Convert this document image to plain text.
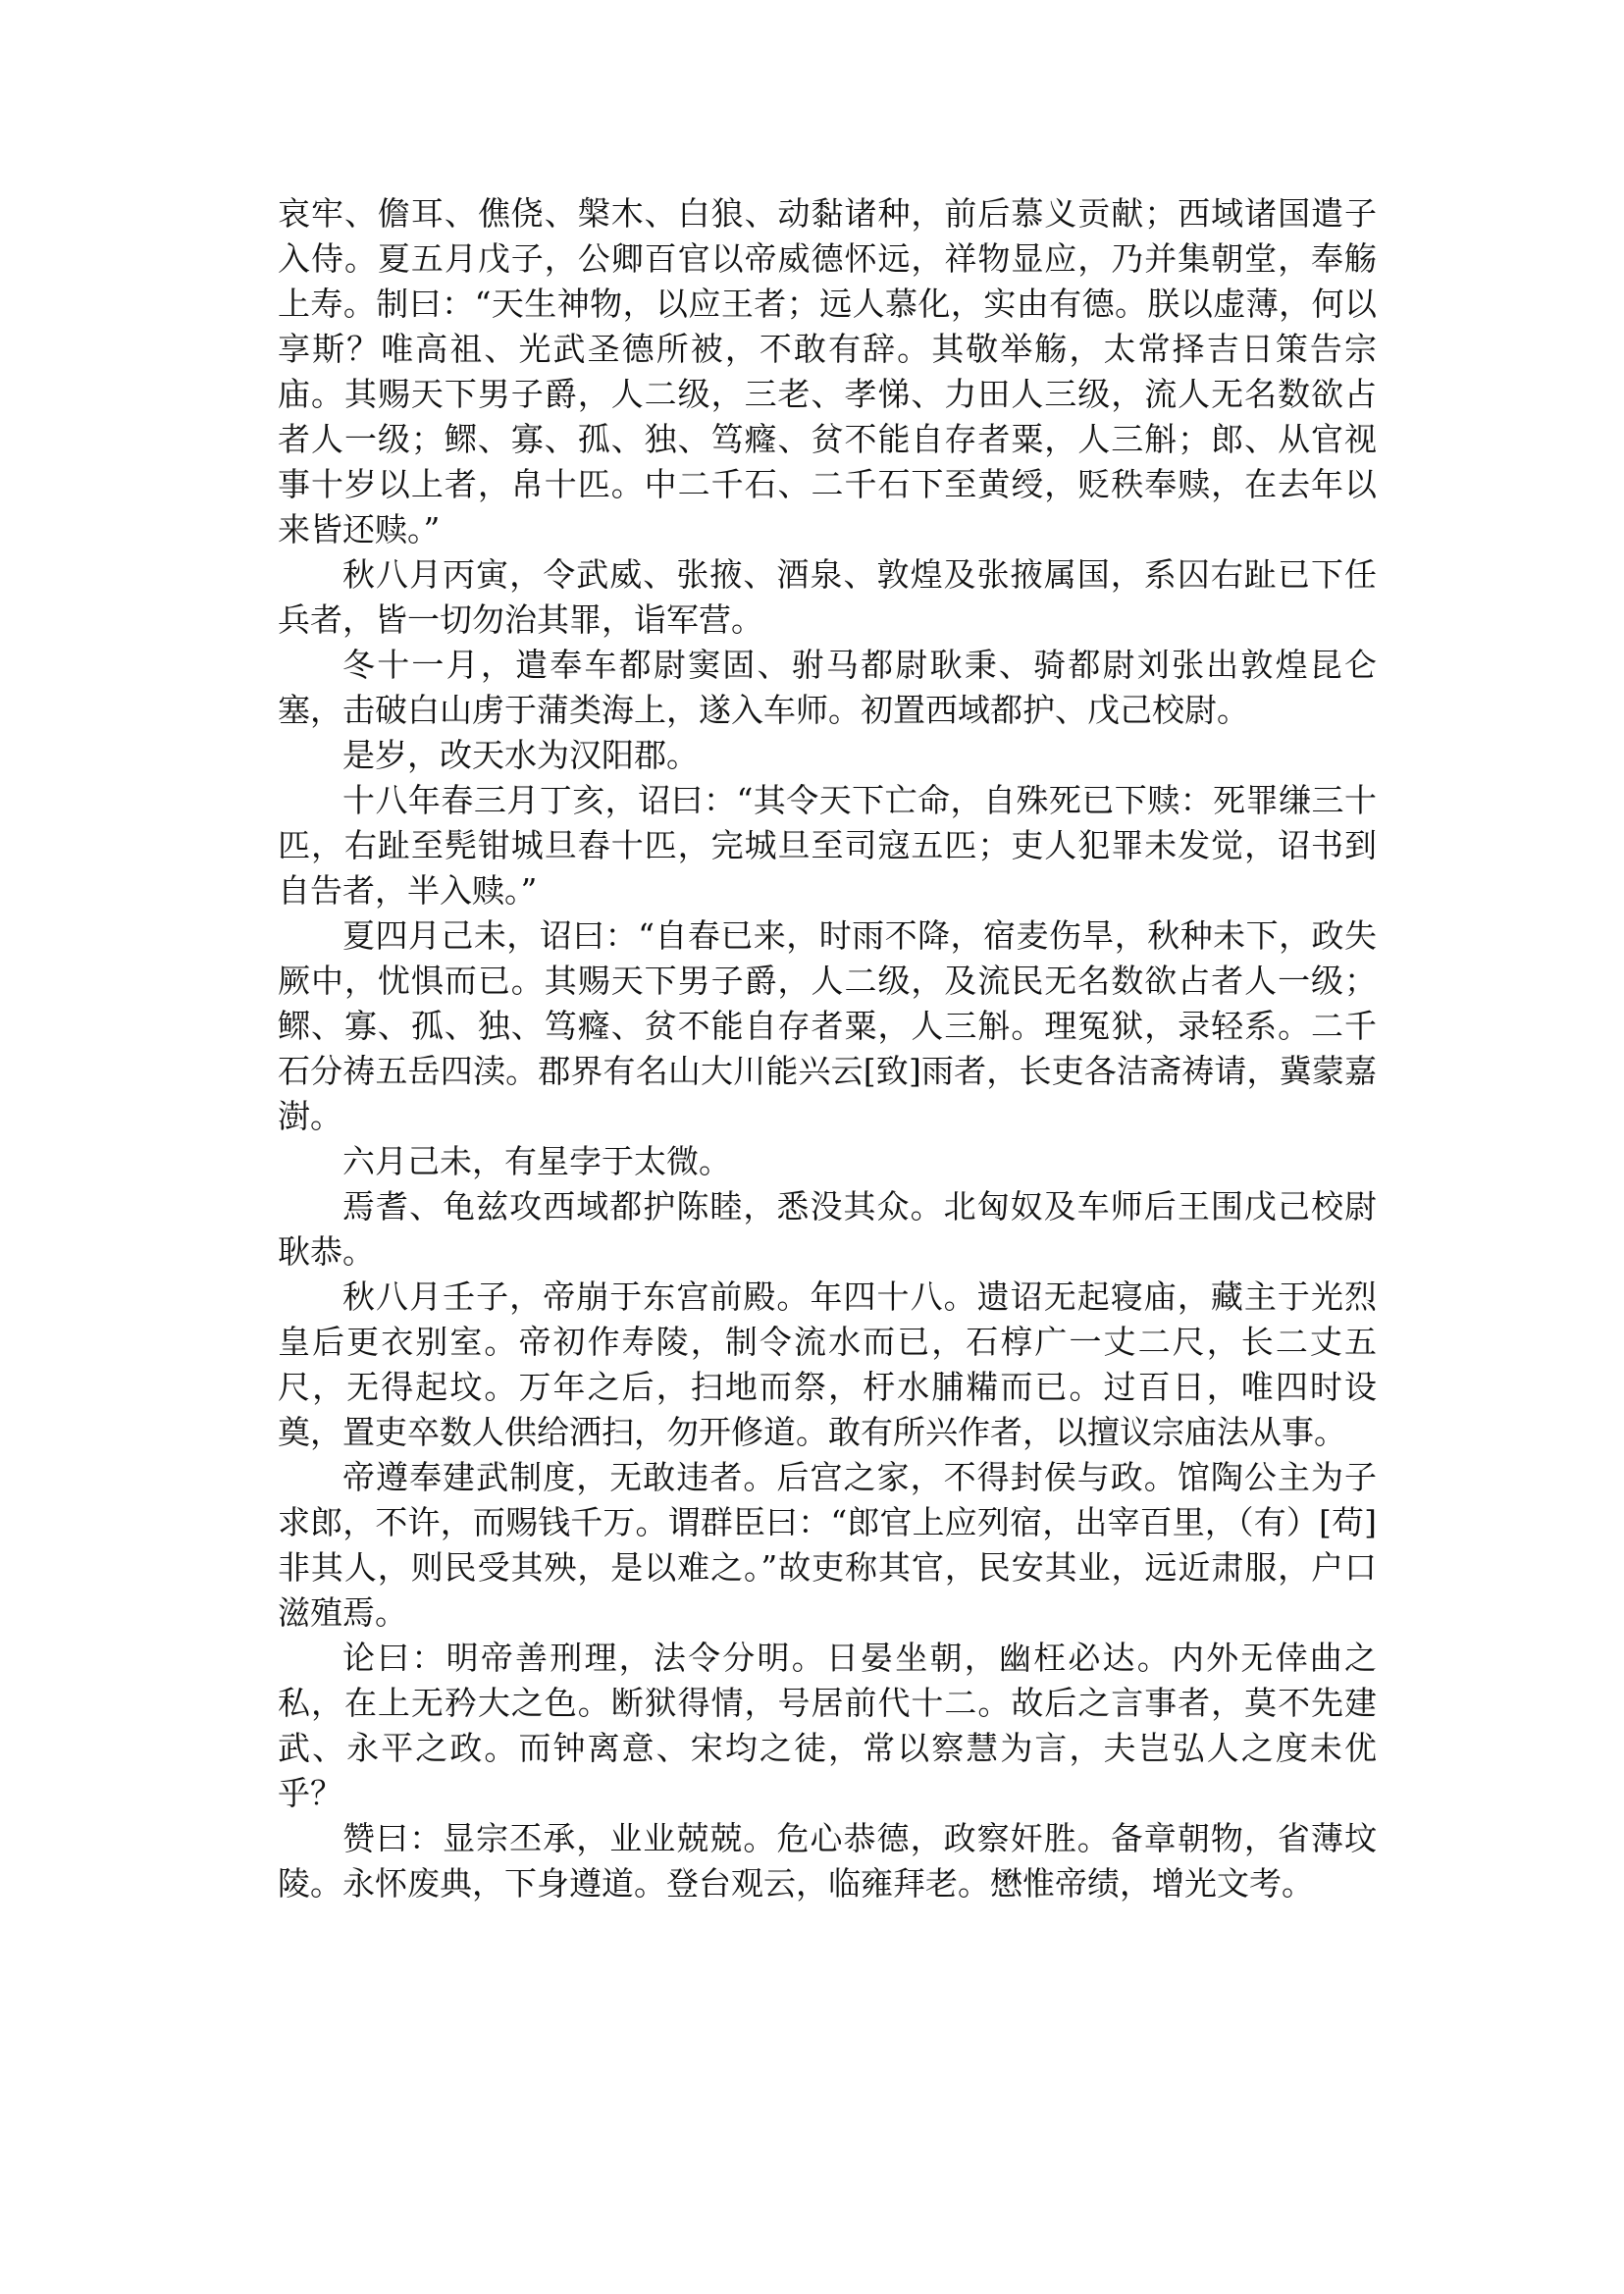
哀牢、儋耳、僬侥、槃木、白狼、动黏诸种，前后慕义贡献；西域诸国遣子入侍。夏五月戊子，公卿百官以帝威德怀远，祥物显应，乃并集朝堂，奉觞上寿。制曰：“天生神物，以应王者；远人慕化，实由有德。朕以虚薄，何以享斯？唯高祖、光武圣德所被，不敢有辞。其敬举觞，太常择吉日策告宗庙。其赐天下男子爵，人二级，三老、孝悌、力田人三级，流人无名数欲占者人一级；鳏、寡、孤、独、笃癃、贫不能自存者粟，人三斛；郎、从官视事十岁以上者，帛十匹。中二千石、二千石下至黄绶，贬秩奉赎，在去年以来皆还赎。”

秋八月丙寅，令武威、张掖、酒泉、敦煌及张掖属国，系囚右趾已下任兵者，皆一切勿治其罪，诣军营。

冬十一月，遣奉车都尉窦固、驸马都尉耿秉、骑都尉刘张出敦煌昆仑塞，击破白山虏于蒲类海上，遂入车师。初置西域都护、戊己校尉。

是岁，改天水为汉阳郡。

十八年春三月丁亥，诏曰：“其令天下亡命，自殊死已下赎：死罪缣三十匹，右趾至髡钳城旦舂十匹，完城旦至司寇五匹；吏人犯罪未发觉，诏书到自告者，半入赎。”

夏四月己未，诏曰：“自春已来，时雨不降，宿麦伤旱，秋种未下，政失厥中，忧惧而已。其赐天下男子爵，人二级，及流民无名数欲占者人一级；鳏、寡、孤、独、笃癃、贫不能自存者粟，人三斛。理冤狱，录轻系。二千石分祷五岳四渎。郡界有名山大川能兴云[致]雨者，长吏各洁斋祷请，冀蒙嘉澍。

六月己未，有星孛于太微。

焉耆、龟兹攻西域都护陈睦，悉没其众。北匈奴及车师后王围戊己校尉耿恭。

秋八月壬子，帝崩于东宫前殿。年四十八。遗诏无起寝庙，藏主于光烈皇后更衣别室。帝初作寿陵，制令流水而已，石椁广一丈二尺，长二丈五尺，无得起坟。万年之后，扫地而祭，杅水脯糒而已。过百日，唯四时设奠，置吏卒数人供给洒扫，勿开修道。敢有所兴作者，以擅议宗庙法从事。

帝遵奉建武制度，无敢违者。后宫之家，不得封侯与政。馆陶公主为子求郎，不许，而赐钱千万。谓群臣曰：“郎官上应列宿，出宰百里，（有）[苟]非其人，则民受其殃，是以难之。”故吏称其官，民安其业，远近肃服，户口滋殖焉。

论曰：明帝善刑理，法令分明。日晏坐朝，幽枉必达。内外无倖曲之私，在上无矜大之色。断狱得情，号居前代十二。故后之言事者，莫不先建武、永平之政。而钟离意、宋均之徒，常以察慧为言，夫岂弘人之度未优乎？

赞曰：显宗丕承，业业兢兢。危心恭德，政察奸胜。备章朝物，省薄坟陵。永怀废典，下身遵道。登台观云，临雍拜老。懋惟帝绩，增光文考。
